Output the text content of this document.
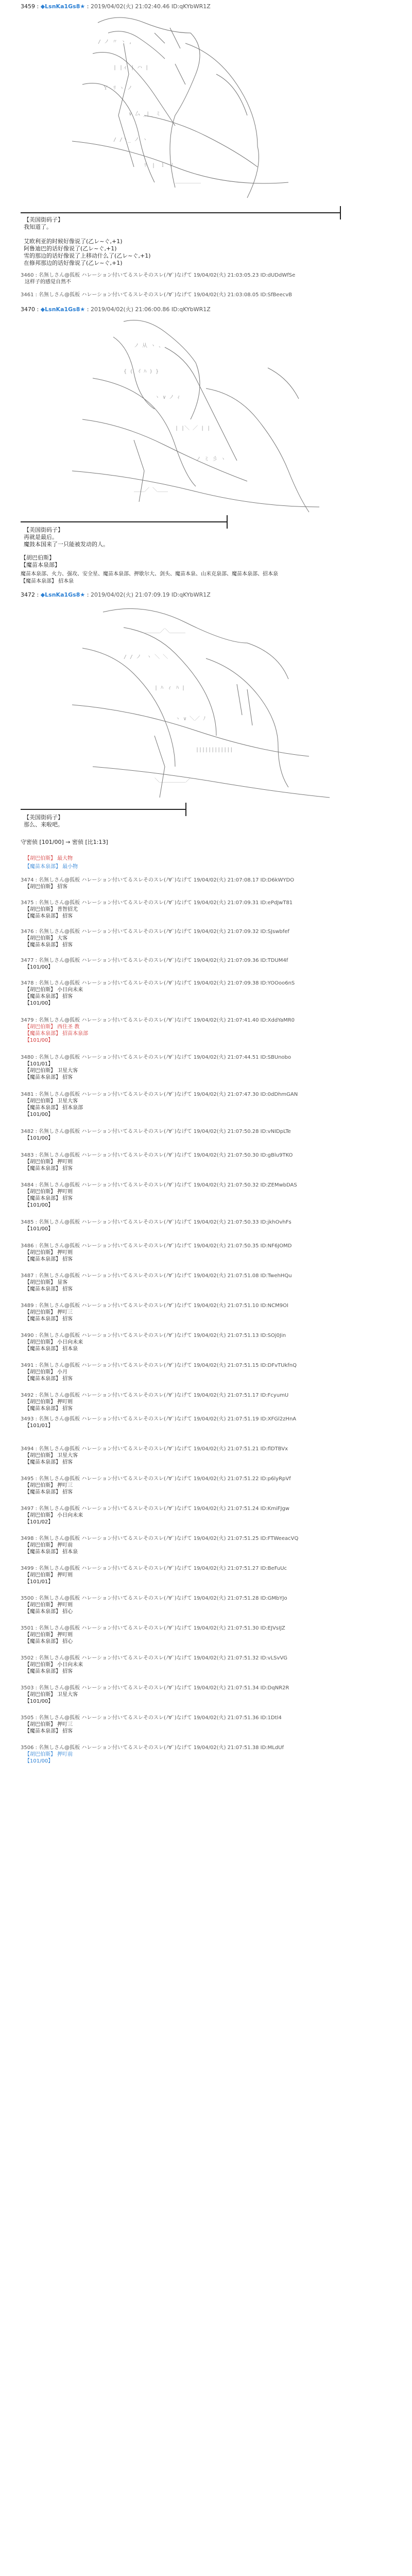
3459 : ◆LsnKa1Gs8★ : 2019/04/02(火) 21:02:40.46 ID:qKYbWR1Z
/ ノ 〃 ヽ ,
| |ィ | ハ |
Ｙ　ﾘ ヽ ノ
∨ 厶 _|_ ミ
/ /丶_ ノ ヽ
ﾘ　|　ｌ　ﾉ
￣￣￣￣￣
【美国街码子】
我知道了。
艾欧利亚的时候好像说了(乙レ~ぐ,+1)
阿鲁迪巴的话好像说了(乙レ~ぐ,+1)
雪的那边的话好像说了上移动什么了(乙レ~ぐ,+1)
在修邦那边的话好像说了(乙レ~ぐ,+1)
3460 : 名無しさん@狐板 ハレーション付いてるスレそのスレ(ﾉ∀`)なげて 19/04/02(火) 21:03:05.23 ID:dUDdWfSe
这样子的感觉自然不
3461 : 名無しさん@狐板 ハレーション付いてるスレそのスレ(ﾉ∀`)なげて 19/04/02(火) 21:03:08.05 ID:SfBeecvB
3470 : ◆LsnKa1Gs8★ : 2019/04/02(火) 21:06:00.86 ID:qKYbWR1Z
ノ 从 ヽ 、
{ (　ｲ ﾊ ) }
ヽ ∨ ノ ｨ
| |＼ ／ | |
ノ ミ 彡 ヽ
＿＿／ ＼＿＿
【美国街码子】
再就是最后。
魔鼓本国来了一只能被发动的人。
【胡巴伯斯】
【魔苗本泉部】
魔苗本泉部、火力、强攻、安全星、魔苗本泉部、押歇尔大、剑头、魔苗本泉、山米克泉部、魔苗本泉部、招本泉
【魔苗本泉部】 招本泉
3472 : ◆LsnKa1Gs8★ : 2019/04/02(火) 21:07:09.19 ID:qKYbWR1Z
＿＿＿／＼＿＿＿
/ / ノ　ヽ ＼ ＼
| ﾊ　ｨ　ﾊ |
ヽ ∨ ＼／ ﾉ
||||||||||||
＼＿＿＿＿＿／
【美国街码子】
那么、来啦吧。
守密侦 [101/00] → 密侦 [比1:13]
【胡巴伯斯】 最大物
【魔苗本泉部】 最小物
3474 : 名無しさん@狐板 ハレーション付いてるスレそのスレ(ﾉ∀`)なげて 19/04/02(火) 21:07:08.17 ID:D6kWYDO
【胡巴伯斯】 招客
3475 : 名無しさん@狐板 ハレーション付いてるスレそのスレ(ﾉ∀`)なげて 19/04/02(火) 21:07:09.31 ID:ePdJwT81
【胡巴伯斯】 普智招尤
【魔苗本泉部】 招客
3476 : 名無しさん@狐板 ハレーション付いてるスレそのスレ(ﾉ∀`)なげて 19/04/02(火) 21:07:09.32 ID:SJswbfef
【胡巴伯斯】 大客
【魔苗本泉部】 招客
3477 : 名無しさん@狐板 ハレーション付いてるスレそのスレ(ﾉ∀`)なげて 19/04/02(火) 21:07:09.36 ID:TDUM4f
【101/00】
3478 : 名無しさん@狐板 ハレーション付いてるスレそのスレ(ﾉ∀`)なげて 19/04/02(火) 21:07:09.38 ID:YOOoo6nS
【胡巴伯斯】 小日向未来
【魔苗本泉部】 招客
【101/00】
3479 : 名無しさん@狐板 ハレーション付いてるスレそのスレ(ﾉ∀`)なげて 19/04/02(火) 21:07:41.40 ID:XddYaMR0
【胡巴伯斯】 西住圣 教
【魔苗本泉部】 招苗本泉部
【101/00】
3480 : 名無しさん@狐板 ハレーション付いてるスレそのスレ(ﾉ∀`)なげて 19/04/02(火) 21:07:44.51 ID:SBUnobo
【101/01】
【胡巴伯斯】 卫星大客
【魔苗本泉部】 招客
3481 : 名無しさん@狐板 ハレーション付いてるスレそのスレ(ﾉ∀`)なげて 19/04/02(火) 21:07:47.30 ID:0dDhmGAN
【胡巴伯斯】 卫星大客
【魔苗本泉部】 招本泉部
【101/00】
3482 : 名無しさん@狐板 ハレーション付いてるスレそのスレ(ﾉ∀`)なげて 19/04/02(火) 21:07:50.28 ID:vNIDpLTe
【101/00】
3483 : 名無しさん@狐板 ハレーション付いてるスレそのスレ(ﾉ∀`)なげて 19/04/02(火) 21:07:50.30 ID:gBlu9TKO
【胡巴伯斯】 押叮则
【魔苗本泉部】 招客
3484 : 名無しさん@狐板 ハレーション付いてるスレそのスレ(ﾉ∀`)なげて 19/04/02(火) 21:07:50.32 ID:ZEMwbDAS
【胡巴伯斯】 押叮则
【魔苗本泉部】 招客
【101/00】
3485 : 名無しさん@狐板 ハレーション付いてるスレそのスレ(ﾉ∀`)なげて 19/04/02(火) 21:07:50.33 ID:jkhOvhFs
【101/00】
3486 : 名無しさん@狐板 ハレーション付いてるスレそのスレ(ﾉ∀`)なげて 19/04/02(火) 21:07:50.35 ID:NF6JOMD
【胡巴伯斯】 押叮则
【魔苗本泉部】 招客
3487 : 名無しさん@狐板 ハレーション付いてるスレそのスレ(ﾉ∀`)なげて 19/04/02(火) 21:07:51.08 ID:TwehHQu
【胡巴伯斯】 显客
【魔苗本泉部】 招客
3489 : 名無しさん@狐板 ハレーション付いてるスレそのスレ(ﾉ∀`)なげて 19/04/02(火) 21:07:51.10 ID:NCM9OI
【胡巴伯斯】 押叮三
【魔苗本泉部】 招客
3490 : 名無しさん@狐板 ハレーション付いてるスレそのスレ(ﾉ∀`)なげて 19/04/02(火) 21:07:51.13 ID:SOj0Jin
【胡巴伯斯】 小日向未来
【魔苗本泉部】 招本泉
3491 : 名無しさん@狐板 ハレーション付いてるスレそのスレ(ﾉ∀`)なげて 19/04/02(火) 21:07:51.15 ID:DFvTUkfnQ
【胡巴伯斯】 小月
【魔苗本泉部】 招客
3492 : 名無しさん@狐板 ハレーション付いてるスレそのスレ(ﾉ∀`)なげて 19/04/02(火) 21:07:51.17 ID:FcyumU
【胡巴伯斯】 押叮则
【魔苗本泉部】 招客
3493 : 名無しさん@狐板 ハレーション付いてるスレそのスレ(ﾉ∀`)なげて 19/04/02(火) 21:07:51.19 ID:XFGl2zHnA
【101/01】
3494 : 名無しさん@狐板 ハレーション付いてるスレそのスレ(ﾉ∀`)なげて 19/04/02(火) 21:07:51.21 ID:flDTBVx
【胡巴伯斯】 卫星大客
【魔苗本泉部】 招客
3495 : 名無しさん@狐板 ハレーション付いてるスレそのスレ(ﾉ∀`)なげて 19/04/02(火) 21:07:51.22 ID:p6lyRpVf
【胡巴伯斯】 押叮三
【魔苗本泉部】 招客
3497 : 名無しさん@狐板 ハレーション付いてるスレそのスレ(ﾉ∀`)なげて 19/04/02(火) 21:07:51.24 ID:KmiFJgw
【胡巴伯斯】 小日向未来
【101/02】
3498 : 名無しさん@狐板 ハレーション付いてるスレそのスレ(ﾉ∀`)なげて 19/04/02(火) 21:07:51.25 ID:FTWeeacVQ
【胡巴伯斯】 押叮前
【魔苗本泉部】 招本泉
3499 : 名無しさん@狐板 ハレーション付いてるスレそのスレ(ﾉ∀`)なげて 19/04/02(火) 21:07:51.27 ID:BeFuUc
【胡巴伯斯】 押叮则
【101/01】
3500 : 名無しさん@狐板 ハレーション付いてるスレそのスレ(ﾉ∀`)なげて 19/04/02(火) 21:07:51.28 ID:GMbYJo
【胡巴伯斯】 押叮则
【魔苗本泉部】 招心
3501 : 名無しさん@狐板 ハレーション付いてるスレそのスレ(ﾉ∀`)なげて 19/04/02(火) 21:07:51.30 ID:EJVsIJZ
【胡巴伯斯】 押叮则
【魔苗本泉部】 招心
3502 : 名無しさん@狐板 ハレーション付いてるスレそのスレ(ﾉ∀`)なげて 19/04/02(火) 21:07:51.32 ID:vLSvVG
【胡巴伯斯】 小日向未来
【魔苗本泉部】 招客
3503 : 名無しさん@狐板 ハレーション付いてるスレそのスレ(ﾉ∀`)なげて 19/04/02(火) 21:07:51.34 ID:DqNR2R
【胡巴伯斯】 卫星大客
【101/00】
3505 : 名無しさん@狐板 ハレーション付いてるスレそのスレ(ﾉ∀`)なげて 19/04/02(火) 21:07:51.36 ID:1Dtl4
【胡巴伯斯】 押叮三
【魔苗本泉部】 招客
3506 : 名無しさん@狐板 ハレーション付いてるスレそのスレ(ﾉ∀`)なげて 19/04/02(火) 21:07:51.38 ID:MLdUf
【胡巴伯斯】 押叮前
【101/00】
